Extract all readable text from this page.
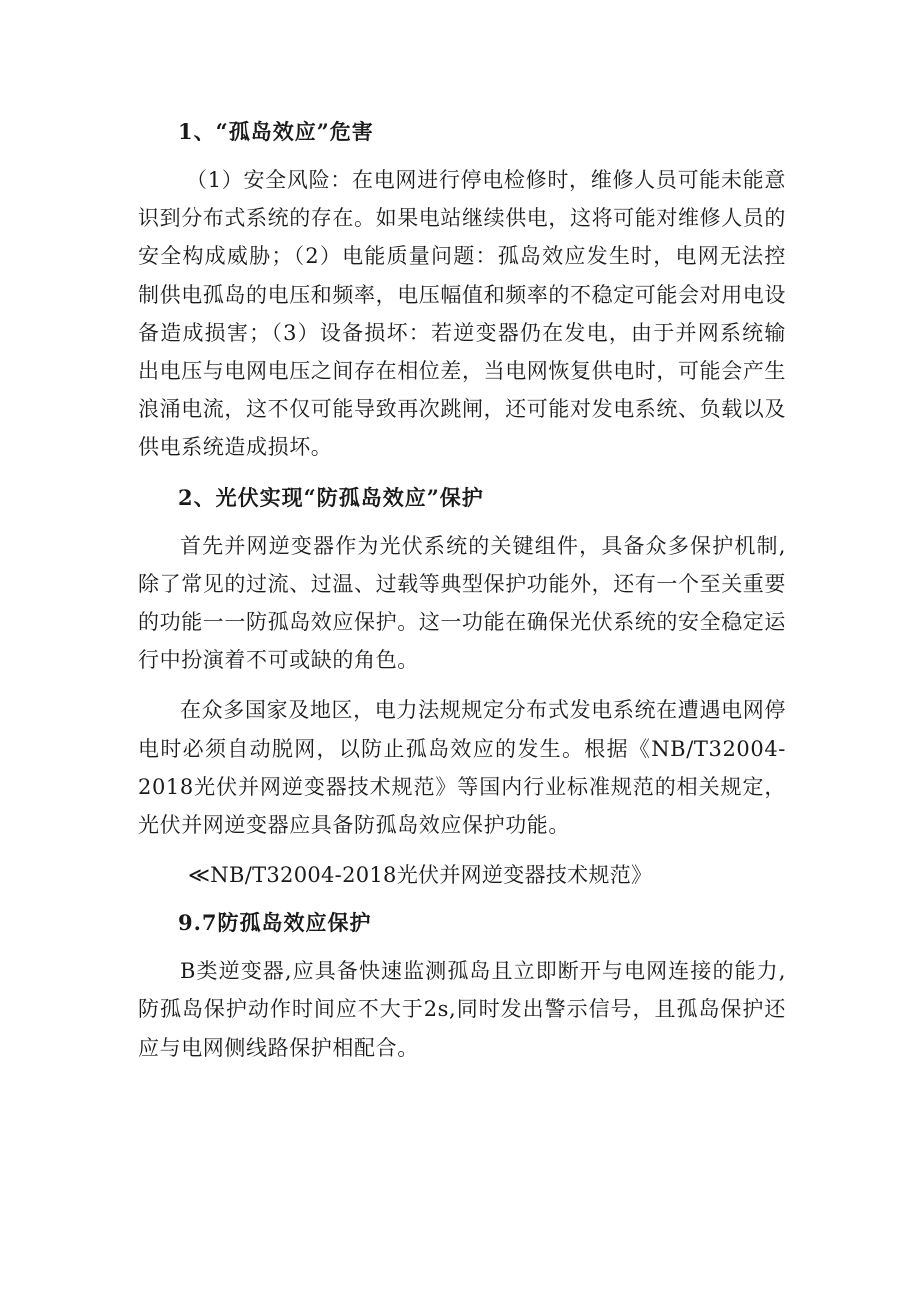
1、“孤岛效应”危害

（1）安全风险：在电网进行停电检修时，维修人员可能未能意识到分布式系统的存在。如果电站继续供电，这将可能对维修人员的安全构成威胁；（2）电能质量问题：孤岛效应发生时，电网无法控制供电孤岛的电压和频率，电压幅值和频率的不稳定可能会对用电设备造成损害；（3）设备损坏：若逆变器仍在发电，由于并网系统输出电压与电网电压之间存在相位差，当电网恢复供电时，可能会产生浪涌电流，这不仅可能导致再次跳闸，还可能对发电系统、负载以及供电系统造成损坏。

2、光伏实现“防孤岛效应”保护

首先并网逆变器作为光伏系统的关键组件，具备众多保护机制,除了常见的过流、过温、过载等典型保护功能外，还有一个至关重要的功能一一防孤岛效应保护。这一功能在确保光伏系统的安全稳定运行中扮演着不可或缺的角色。

在众多国家及地区，电力法规规定分布式发电系统在遭遇电网停电时必须自动脱网，以防止孤岛效应的发生。根据《NB/T32004-2018光伏并网逆变器技术规范》等国内行业标准规范的相关规定，光伏并网逆变器应具备防孤岛效应保护功能。

≪NB/T32004-2018光伏并网逆变器技术规范》

9.7防孤岛效应保护

B类逆变器,应具备快速监测孤岛且立即断开与电网连接的能力,防孤岛保护动作时间应不大于2s,同时发出警示信号，且孤岛保护还应与电网侧线路保护相配合。
